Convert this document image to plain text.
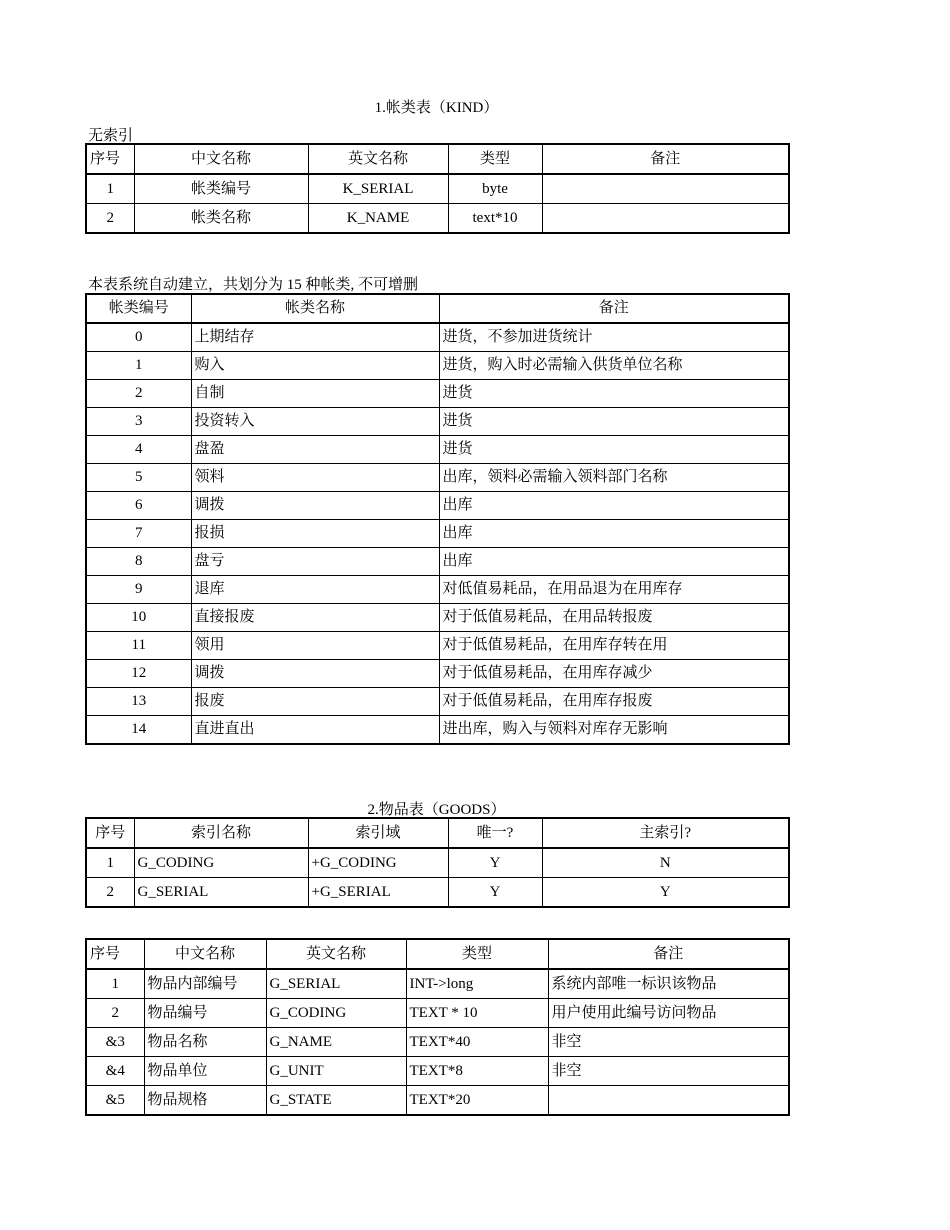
1.帐类表（KIND）
无索引
序号	中文名称	英文名称	类型	备注
1	帐类编号	K_SERIAL	byte	
2	帐类名称	K_NAME	text*10	
本表系统自动建立，共划分为 15 种帐类, 不可增删
帐类编号	帐类名称	备注
0	上期结存	进货，不参加进货统计
1	购入	进货，购入时必需输入供货单位名称
2	自制	进货
3	投资转入	进货
4	盘盈	进货
5	领料	出库，领料必需输入领料部门名称
6	调拨	出库
7	报损	出库
8	盘亏	出库
9	退库	对低值易耗品，在用品退为在用库存
10	直接报废	对于低值易耗品，在用品转报废
11	领用	对于低值易耗品，在用库存转在用
12	调拨	对于低值易耗品，在用库存减少
13	报废	对于低值易耗品，在用库存报废
14	直进直出	进出库，购入与领料对库存无影响
2.物品表（GOODS）
序号	索引名称	索引域	唯一?	主索引?
1	G_CODING	+G_CODING	Y	N
2	G_SERIAL	+G_SERIAL	Y	Y
序号	中文名称	英文名称	类型	备注
1	物品内部编号	G_SERIAL	INT->long	系统内部唯一标识该物品
2	物品编号	G_CODING	TEXT * 10	用户使用此编号访问物品
&3	物品名称	G_NAME	TEXT*40	非空
&4	物品单位	G_UNIT	TEXT*8	非空
&5	物品规格	G_STATE	TEXT*20	
